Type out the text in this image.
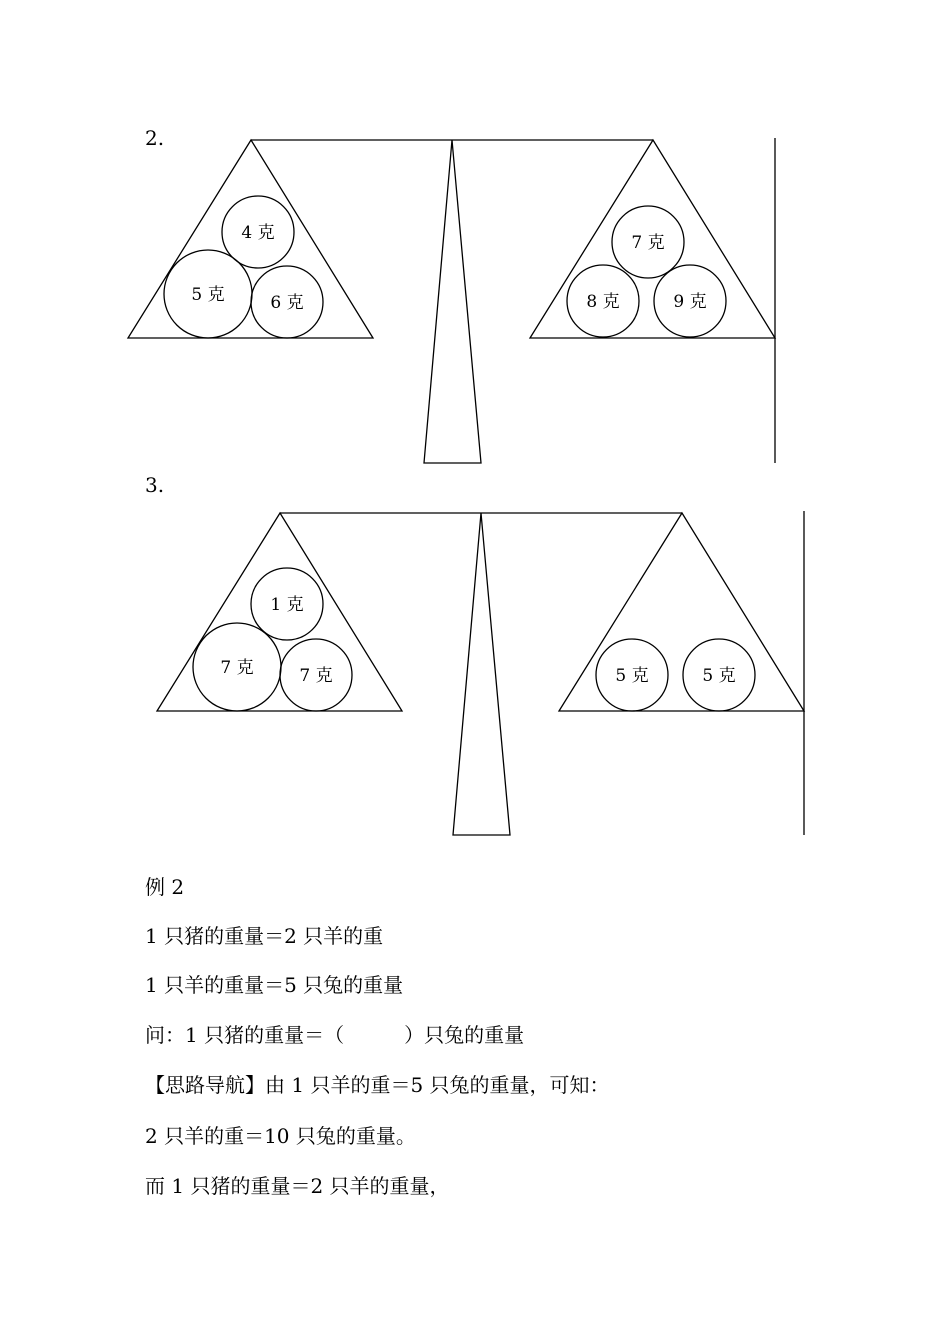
2.
4 克
5 克	6 克
7 克
8 克	9 克
3.
1 克
7 克	7 克	5 克	5 克
例 2
1 只猪的重量＝2 只羊的重
1 只羊的重量＝5 只兔的重量
问：1 只猪的重量＝（　　　）只兔的重量
【思路导航】由 1 只羊的重＝5 只兔的重量，可知：
2 只羊的重＝10 只兔的重量。
而 1 只猪的重量＝2 只羊的重量，
